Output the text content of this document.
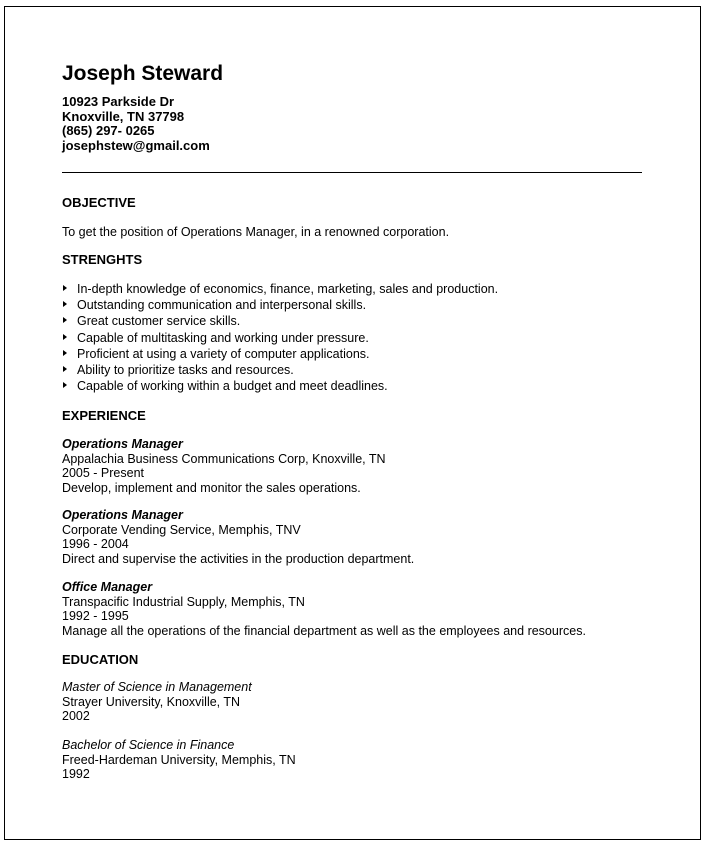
Joseph Steward
10923 Parkside Dr
Knoxville, TN 37798
(865) 297- 0265
josephstew@gmail.com
OBJECTIVE

To get the position of Operations Manager, in a renowned corporation.

STRENGHTS
In-depth knowledge of economics, finance, marketing, sales and production.
Outstanding communication and interpersonal skills.
Great customer service skills.
Capable of multitasking and working under pressure.
Proficient at using a variety of computer applications.
Ability to prioritize tasks and resources.
Capable of working within a budget and meet deadlines.
EXPERIENCE
Operations Manager
Appalachia Business Communications Corp, Knoxville, TN
2005 - Present
Develop, implement and monitor the sales operations.
Operations Manager
Corporate Vending Service, Memphis, TNV
1996 - 2004
Direct and supervise the activities in the production department.
Office Manager
Transpacific Industrial Supply, Memphis, TN
1992 - 1995
Manage all the operations of the financial department as well as the employees and resources.
EDUCATION
Master of Science in Management
Strayer University, Knoxville, TN
2002
Bachelor of Science in Finance
Freed-Hardeman University, Memphis, TN
1992
